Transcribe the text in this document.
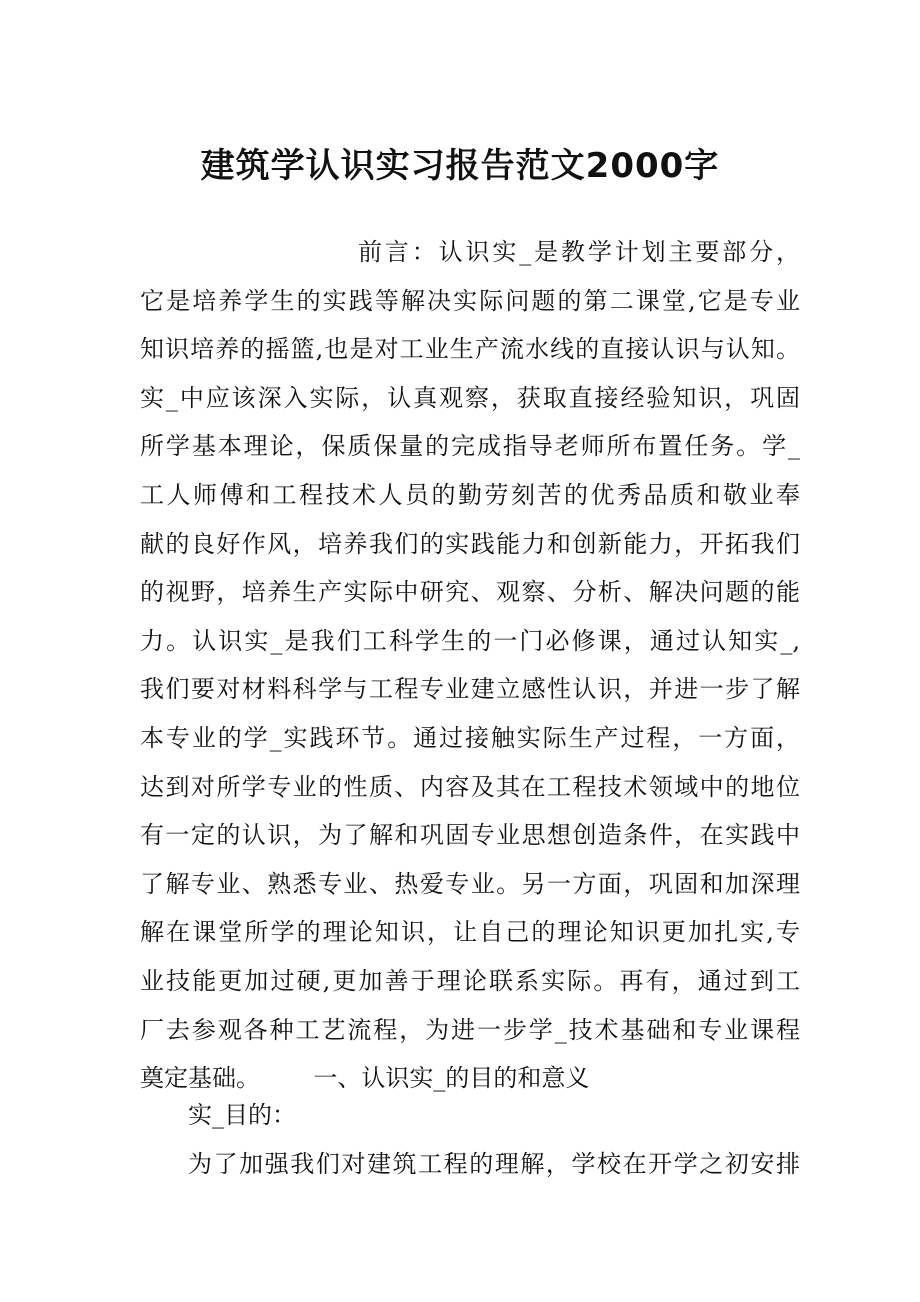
建筑学认识实习报告范文2000字
前言：认识实_是教学计划主要部分，
它是培养学生的实践等解决实际问题的第二课堂,它是专业
知识培养的摇篮,也是对工业生产流水线的直接认识与认知。
实_中应该深入实际，认真观察，获取直接经验知识，巩固
所学基本理论，保质保量的完成指导老师所布置任务。学_
工人师傅和工程技术人员的勤劳刻苦的优秀品质和敬业奉
献的良好作风，培养我们的实践能力和创新能力，开拓我们
的视野，培养生产实际中研究、观察、分析、解决问题的能
力。认识实_是我们工科学生的一门必修课，通过认知实_,
我们要对材料科学与工程专业建立感性认识，并进一步了解
本专业的学_实践环节。通过接触实际生产过程，一方面，
达到对所学专业的性质、内容及其在工程技术领域中的地位
有一定的认识，为了解和巩固专业思想创造条件，在实践中
了解专业、熟悉专业、热爱专业。另一方面，巩固和加深理
解在课堂所学的理论知识，让自己的理论知识更加扎实,专
业技能更加过硬,更加善于理论联系实际。再有，通过到工
厂去参观各种工艺流程，为进一步学_技术基础和专业课程
奠定基础。       一、认识实_的目的和意义
实_目的：
为了加强我们对建筑工程的理解，学校在开学之初安排
